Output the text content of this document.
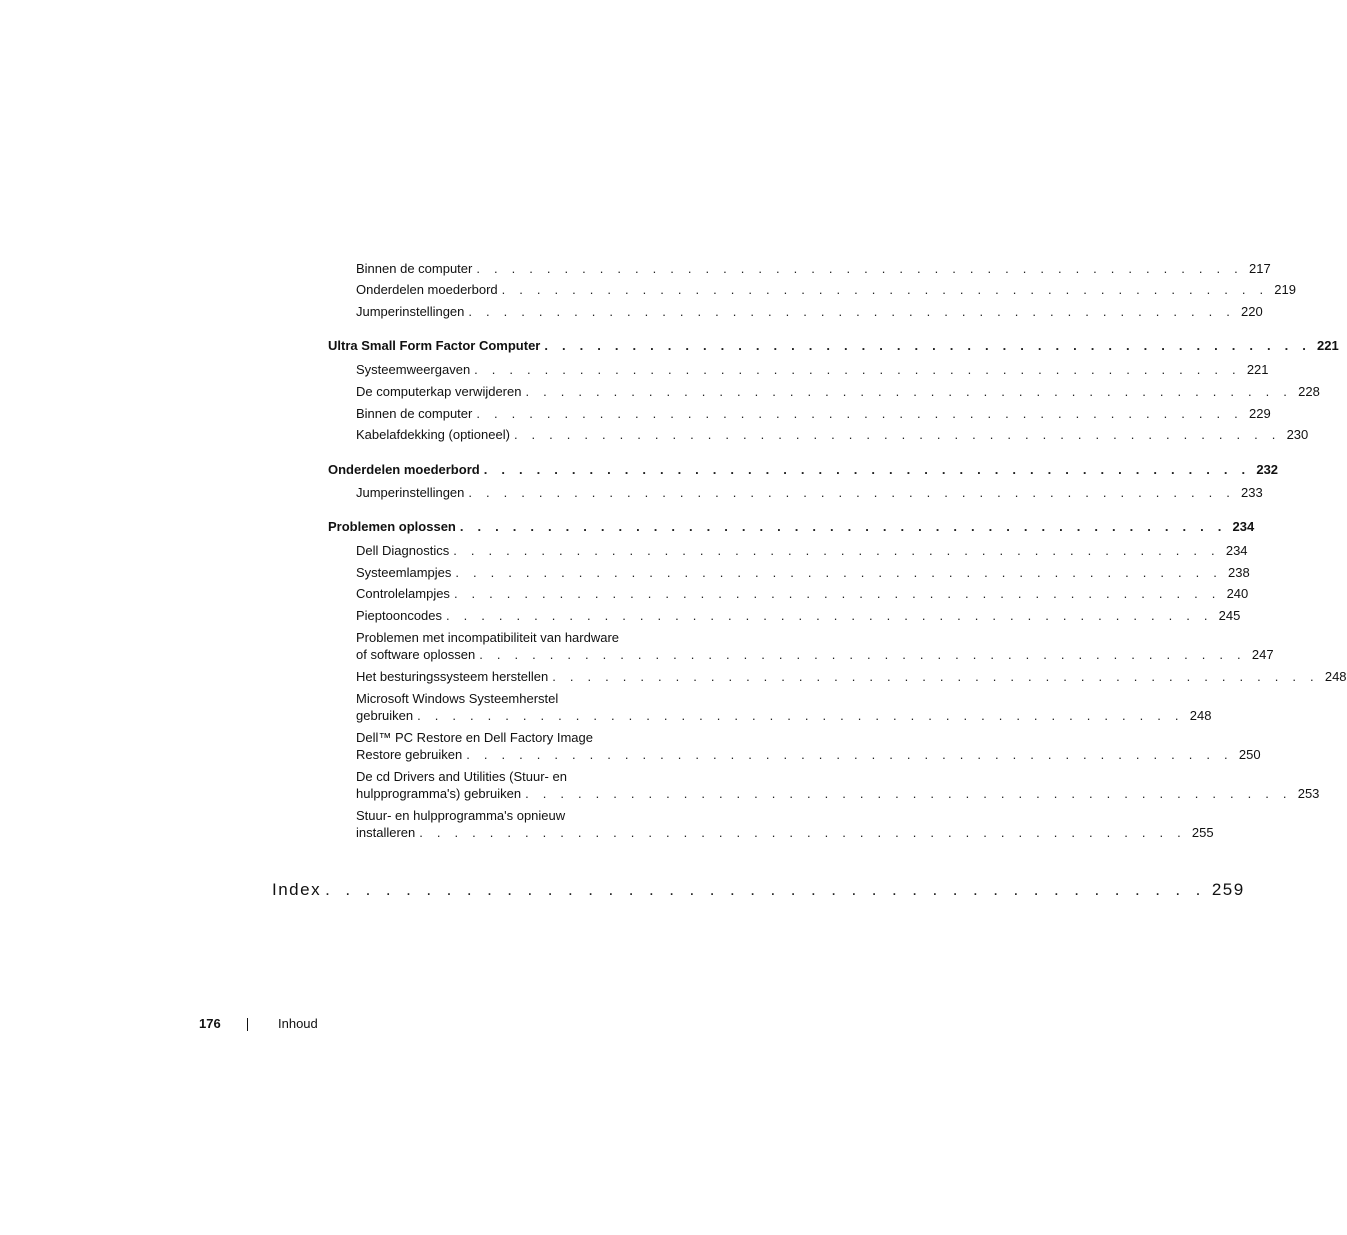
Binnen de computer . . . . . . . . . . . . . . . . . . . . . . . . . . . . . . . . . . . . . . . . . . . . 217
Onderdelen moederbord . . . . . . . . . . . . . . . . . . . . . . . . . . . . . . . . . . . . . . . . . . . . 219
Jumperinstellingen . . . . . . . . . . . . . . . . . . . . . . . . . . . . . . . . . . . . . . . . . . . . 220
Ultra Small Form Factor Computer . . . . . . . . . . . . . . . . . . . . . . . . . . . . . . . . . . . . . . . . . . . . 221
Systeemweergaven . . . . . . . . . . . . . . . . . . . . . . . . . . . . . . . . . . . . . . . . . . . . 221
De computerkap verwijderen . . . . . . . . . . . . . . . . . . . . . . . . . . . . . . . . . . . . . . . . . . . . 228
Binnen de computer . . . . . . . . . . . . . . . . . . . . . . . . . . . . . . . . . . . . . . . . . . . . 229
Kabelafdekking (optioneel) . . . . . . . . . . . . . . . . . . . . . . . . . . . . . . . . . . . . . . . . . . . . 230
Onderdelen moederbord . . . . . . . . . . . . . . . . . . . . . . . . . . . . . . . . . . . . . . . . . . . . 232
Jumperinstellingen . . . . . . . . . . . . . . . . . . . . . . . . . . . . . . . . . . . . . . . . . . . . 233
Problemen oplossen . . . . . . . . . . . . . . . . . . . . . . . . . . . . . . . . . . . . . . . . . . . . 234
Dell Diagnostics . . . . . . . . . . . . . . . . . . . . . . . . . . . . . . . . . . . . . . . . . . . . 234
Systeemlampjes . . . . . . . . . . . . . . . . . . . . . . . . . . . . . . . . . . . . . . . . . . . . 238
Controlelampjes . . . . . . . . . . . . . . . . . . . . . . . . . . . . . . . . . . . . . . . . . . . . 240
Pieptooncodes . . . . . . . . . . . . . . . . . . . . . . . . . . . . . . . . . . . . . . . . . . . . 245
Problemen met incompatibiliteit van hardware
of software oplossen . . . . . . . . . . . . . . . . . . . . . . . . . . . . . . . . . . . . . . . . . . . . 247
Het besturingssysteem herstellen . . . . . . . . . . . . . . . . . . . . . . . . . . . . . . . . . . . . . . . . . . . . 248
Microsoft Windows Systeemherstel
gebruiken . . . . . . . . . . . . . . . . . . . . . . . . . . . . . . . . . . . . . . . . . . . . 248
Dell™ PC Restore en Dell Factory Image
Restore gebruiken . . . . . . . . . . . . . . . . . . . . . . . . . . . . . . . . . . . . . . . . . . . . 250
De cd Drivers and Utilities (Stuur- en
hulpprogramma's) gebruiken . . . . . . . . . . . . . . . . . . . . . . . . . . . . . . . . . . . . . . . . . . . . 253
Stuur- en hulpprogramma's opnieuw
installeren . . . . . . . . . . . . . . . . . . . . . . . . . . . . . . . . . . . . . . . . . . . . 255
Index . . . . . . . . . . . . . . . . . . . . . . . . . . . . . . . . . . . . . . . . . . . . 259
176	Inhoud
